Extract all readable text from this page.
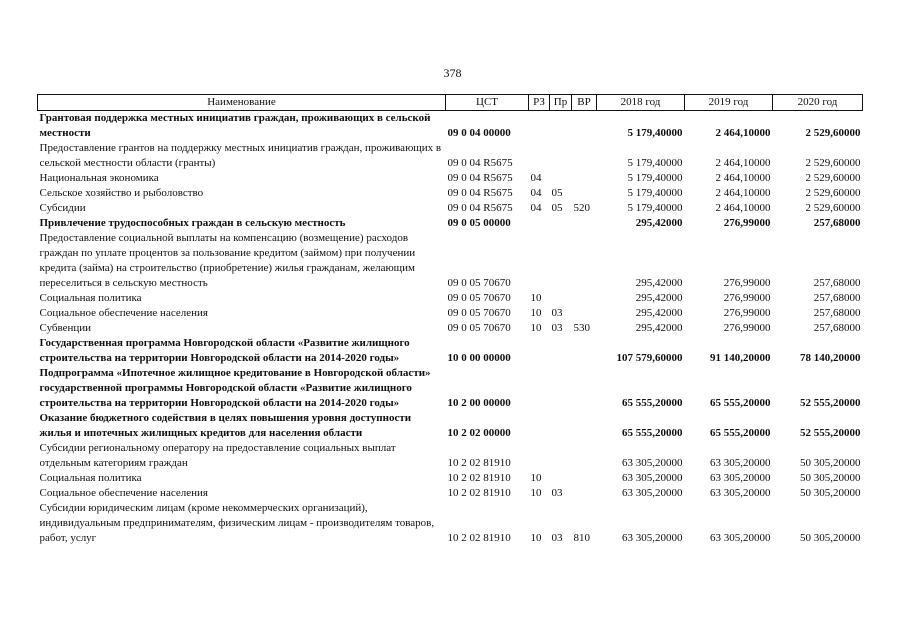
378
Наименование	ЦСТ	РЗ	Пр	ВР	2018 год	2019 год	2020 год
Грантовая поддержка местных инициатив граждан, проживающих в сельской местности	09 0 04 00000				5 179,40000	2 464,10000	2 529,60000
Предоставление грантов на поддержку местных инициатив граждан, проживающих в сельской местности области (гранты)	09 0 04 R5675				5 179,40000	2 464,10000	2 529,60000
Национальная экономика	09 0 04 R5675	04			5 179,40000	2 464,10000	2 529,60000
Сельское хозяйство и рыболовство	09 0 04 R5675	04	05		5 179,40000	2 464,10000	2 529,60000
Субсидии	09 0 04 R5675	04	05	520	5 179,40000	2 464,10000	2 529,60000
Привлечение трудоспособных граждан в сельскую местность	09 0 05 00000				295,42000	276,99000	257,68000
Предоставление социальной выплаты на компенсацию (возмещение) расходов граждан по уплате процентов за пользование кредитом (займом) при получении кредита (займа) на строительство (приобретение) жилья гражданам, желающим переселиться в сельскую местность	09 0 05 70670				295,42000	276,99000	257,68000
Социальная политика	09 0 05 70670	10			295,42000	276,99000	257,68000
Социальное обеспечение населения	09 0 05 70670	10	03		295,42000	276,99000	257,68000
Субвенции	09 0 05 70670	10	03	530	295,42000	276,99000	257,68000
Государственная программа Новгородской области «Развитие жилищного строительства на территории Новгородской области на 2014-2020 годы»	10 0 00 00000				107 579,60000	91 140,20000	78 140,20000
Подпрограмма «Ипотечное жилищное кредитование в Новгородской области» государственной программы Новгородской области «Развитие жилищного строительства на территории Новгородской области на 2014-2020 годы»	10 2 00 00000				65 555,20000	65 555,20000	52 555,20000
Оказание бюджетного содействия в целях повышения уровня доступности жилья и ипотечных жилищных кредитов для населения области	10 2 02 00000				65 555,20000	65 555,20000	52 555,20000
Субсидии региональному оператору на предоставление социальных выплат отдельным категориям граждан	10 2 02 81910				63 305,20000	63 305,20000	50 305,20000
Социальная политика	10 2 02 81910	10			63 305,20000	63 305,20000	50 305,20000
Социальное обеспечение населения	10 2 02 81910	10	03		63 305,20000	63 305,20000	50 305,20000
Субсидии юридическим лицам (кроме некоммерческих организаций), индивидуальным предпринимателям, физическим лицам - производителям товаров, работ, услуг	10 2 02 81910	10	03	810	63 305,20000	63 305,20000	50 305,20000
